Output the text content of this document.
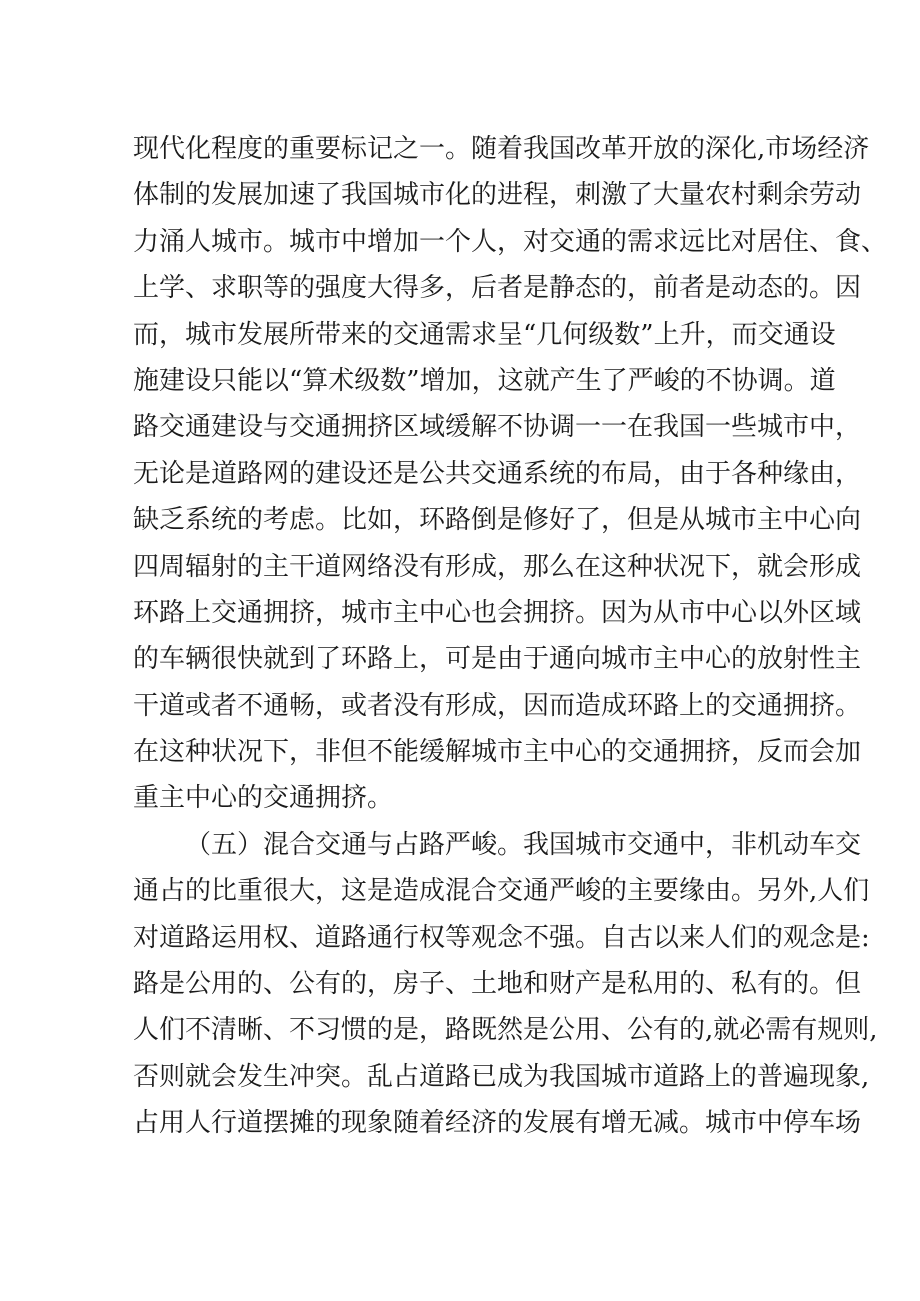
现代化程度的重要标记之一。随着我国改革开放的深化,市场经济
体制的发展加速了我国城市化的进程，刺激了大量农村剩余劳动
力涌人城市。城市中增加一个人，对交通的需求远比对居住、食、
上学、求职等的强度大得多，后者是静态的，前者是动态的。因
而，城市发展所带来的交通需求呈“几何级数”上升，而交通设
施建设只能以“算术级数”增加，这就产生了严峻的不协调。道
路交通建设与交通拥挤区域缓解不协调一一在我国一些城市中，
无论是道路网的建设还是公共交通系统的布局，由于各种缘由，
缺乏系统的考虑。比如，环路倒是修好了，但是从城市主中心向
四周辐射的主干道网络没有形成，那么在这种状况下，就会形成
环路上交通拥挤，城市主中心也会拥挤。因为从市中心以外区域
的车辆很快就到了环路上，可是由于通向城市主中心的放射性主
干道或者不通畅，或者没有形成，因而造成环路上的交通拥挤。
在这种状况下，非但不能缓解城市主中心的交通拥挤，反而会加
重主中心的交通拥挤。
（五）混合交通与占路严峻。我国城市交通中，非机动车交
通占的比重很大，这是造成混合交通严峻的主要缘由。另外,人们
对道路运用权、道路通行权等观念不强。自古以来人们的观念是:
路是公用的、公有的，房子、土地和财产是私用的、私有的。但
人们不清晰、不习惯的是，路既然是公用、公有的,就必需有规则,
否则就会发生冲突。乱占道路已成为我国城市道路上的普遍现象,
占用人行道摆摊的现象随着经济的发展有增无减。城市中停车场
